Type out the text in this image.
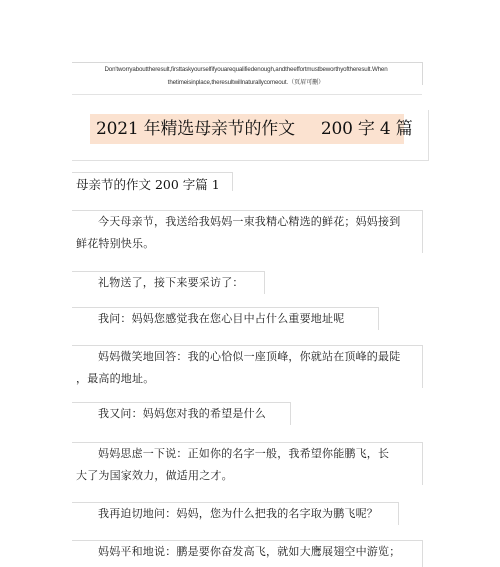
Don'tworryabouttheresult,firsttaskyourselfifyouarequalifiedenough,andtheeffortmustbeworthyoftheresult.When
thetimeisinplace,theresultwillnaturallycomeout.（页眉可删）
2021 年精选母亲节的作文 200 字 4 篇
母亲节的作文 200 字篇 1
今天母亲节，我送给我妈妈一束我精心精选的鲜花；妈妈接到
鲜花特别快乐。
礼物送了，接下来要采访了：
我问：妈妈您感觉我在您心目中占什么重要地址呢
妈妈微笑地回答：我的心恰似一座顶峰，你就站在顶峰的最陡
，最高的地址。
我又问：妈妈您对我的希望是什么
妈妈思虑一下说：正如你的名字一般，我希望你能鹏飞，长
大了为国家效力，做适用之才。
我再迫切地问：妈妈，您为什么把我的名字取为鹏飞呢？
妈妈平和地说：鹏是要你奋发高飞，就如大鹰展翅空中游览；
